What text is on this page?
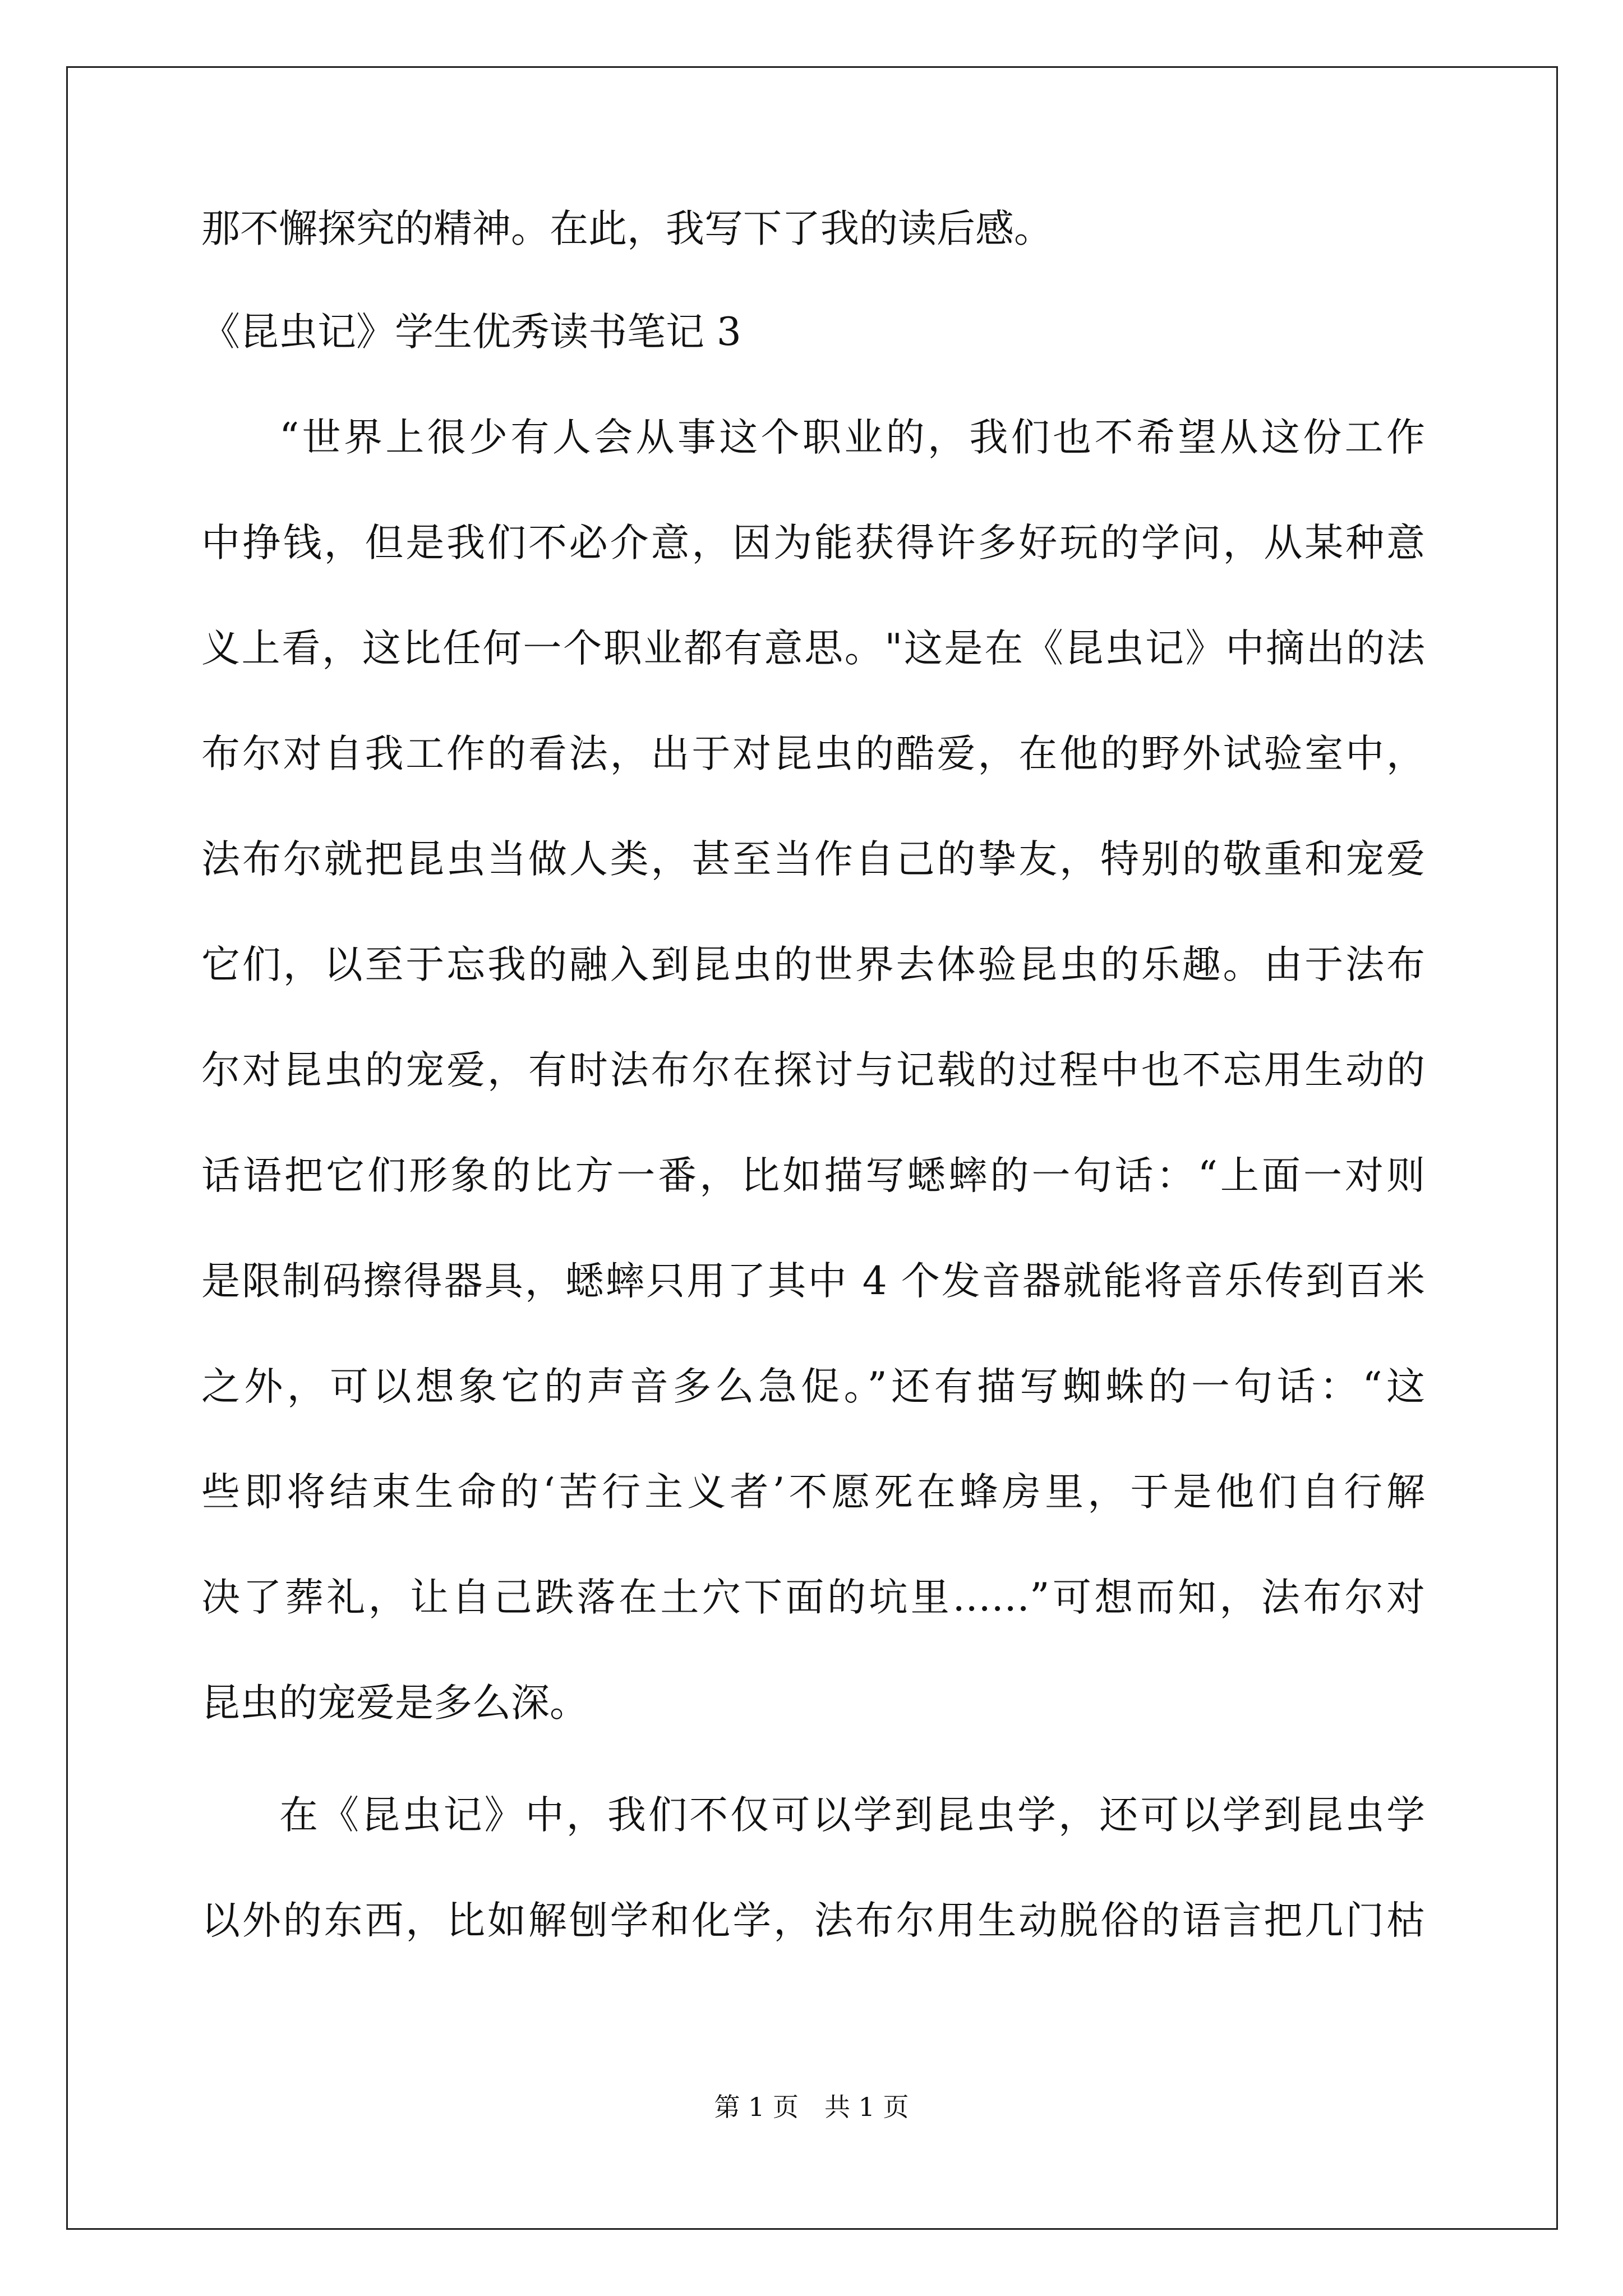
那不懈探究的精神。在此，我写下了我的读后感。
《昆虫记》学生优秀读书笔记 3
“世界上很少有人会从事这个职业的，我们也不希望从这份工作
中挣钱，但是我们不必介意，因为能获得许多好玩的学问，从某种意
义上看，这比任何一个职业都有意思。"这是在《昆虫记》中摘出的法
布尔对自我工作的看法，出于对昆虫的酷爱，在他的野外试验室中，
法布尔就把昆虫当做人类，甚至当作自己的挚友，特别的敬重和宠爱
它们，以至于忘我的融入到昆虫的世界去体验昆虫的乐趣。由于法布
尔对昆虫的宠爱，有时法布尔在探讨与记载的过程中也不忘用生动的
话语把它们形象的比方一番，比如描写蟋蟀的一句话：“上面一对则
是限制码擦得器具，蟋蟀只用了其中 4 个发音器就能将音乐传到百米
之外，可以想象它的声音多么急促。”还有描写蜘蛛的一句话：“这
些即将结束生命的‘苦行主义者’不愿死在蜂房里，于是他们自行解
决了葬礼，让自己跌落在土穴下面的坑里……”可想而知，法布尔对
昆虫的宠爱是多么深。
在《昆虫记》中，我们不仅可以学到昆虫学，还可以学到昆虫学
以外的东西，比如解刨学和化学，法布尔用生动脱俗的语言把几门枯
第 1 页　共 1 页
